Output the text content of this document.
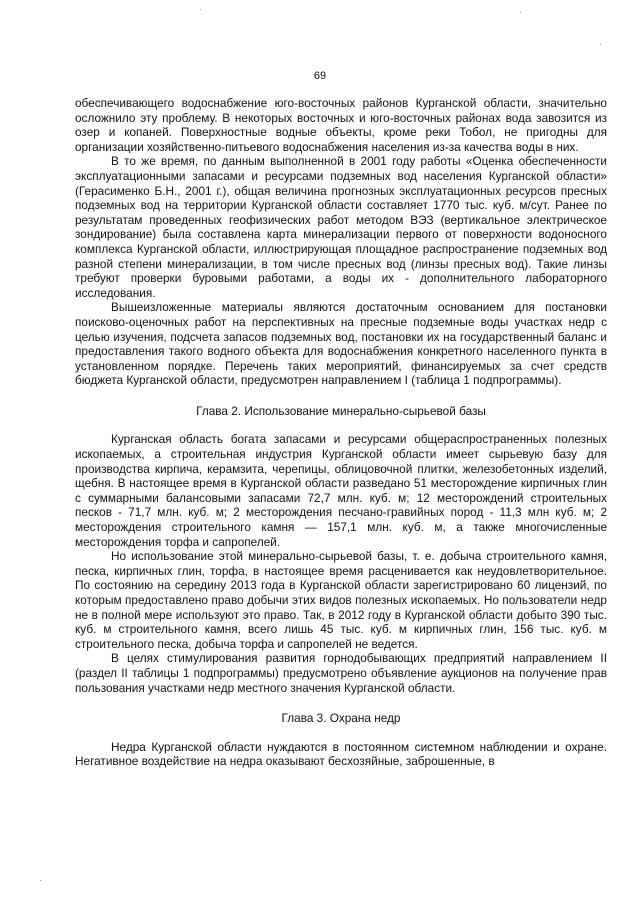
69

обеспечивающего водоснабжение юго-восточных районов Курганской области, значительно осложнило эту проблему. В некоторых восточных и юго-восточных районах вода завозится из озер и копаней. Поверхностные водные объекты, кроме реки Тобол, не пригодны для организации хозяйственно-питьевого водоснабжения населения из-за качества воды в них.

В то же время, по данным выполненной в 2001 году работы «Оценка обеспеченности эксплуатационными запасами и ресурсами подземных вод населения Курганской области» (Герасименко Б.Н., 2001 г.), общая величина прогнозных эксплуатационных ресурсов пресных подземных вод на территории Курганской области составляет 1770 тыс. куб. м/сут. Ранее по результатам проведенных геофизических работ методом ВЭЗ (вертикальное электрическое зондирование) была составлена карта минерализации первого от поверхности водоносного комплекса Курганской области, иллюстрирующая площадное распространение подземных вод разной степени минерализации, в том числе пресных вод (линзы пресных вод). Такие линзы требуют проверки буровыми работами, а воды их - дополнительного лабораторного исследования.

Вышеизложенные материалы являются достаточным основанием для постановки поисково-оценочных работ на перспективных на пресные подземные воды участках недр с целью изучения, подсчета запасов подземных вод, постановки их на государственный баланс и предоставления такого водного объекта для водоснабжения конкретного населенного пункта в установленном порядке. Перечень таких мероприятий, финансируемых за счет средств бюджета Курганской области, предусмотрен направлением I (таблица 1 подпрограммы).

Глава 2. Использование минерально-сырьевой базы

Курганская область богата запасами и ресурсами общераспространенных полезных ископаемых, а строительная индустрия Курганской области имеет сырьевую базу для производства кирпича, керамзита, черепицы, облицовочной плитки, железобетонных изделий, щебня. В настоящее время в Курганской области разведано 51 месторождение кирпичных глин с суммарными балансовыми запасами 72,7 млн. куб. м; 12 месторождений строительных песков - 71,7 млн. куб. м; 2 месторождения песчано-гравийных пород - 11,3 млн куб. м; 2 месторождения строительного камня — 157,1 млн. куб. м, а также многочисленные месторождения торфа и сапропелей.

Но использование этой минерально-сырьевой базы, т. е. добыча строительного камня, песка, кирпичных глин, торфа, в настоящее время расценивается как неудовлетворительное. По состоянию на середину 2013 года в Курганской области зарегистрировано 60 лицензий, по которым предоставлено право добычи этих видов полезных ископаемых. Но пользователи недр не в полной мере используют это право. Так, в 2012 году в Курганской области добыто 390 тыс. куб. м строительного камня, всего лишь 45 тыс. куб. м кирпичных глин, 156 тыс. куб. м строительного песка, добыча торфа и сапропелей не ведется.

В целях стимулирования развития горнодобывающих предприятий направлением II (раздел II таблицы 1 подпрограммы) предусмотрено объявление аукционов на получение прав пользования участками недр местного значения Курганской области.

Глава 3. Охрана недр

Недра Курганской области нуждаются в постоянном системном наблюдении и охране. Негативное воздействие на недра оказывают бесхозяйные, заброшенные, в
